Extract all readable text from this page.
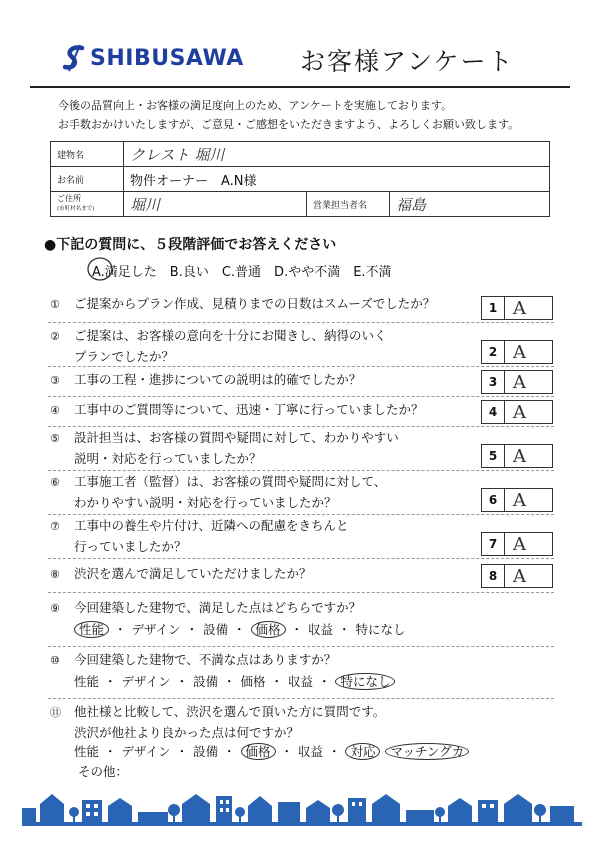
SHIBUSAWA お客様アンケート
今後の品質向上・お客様の満足度向上のため、アンケートを実施しております。
お手数おかけいたしますが、ご意見・ご感想をいただきますよう、よろしくお願い致します。
建物名	クレスト 堀川		
お名前	物件オーナー　A.N様		
ご住所
(市町村名まで)	堀川	営業担当者名	福島
●下記の質問に、５段階評価でお答えください
A.満足した　B.良い　C.普通　D.やや不満　E.不満
① ご提案からプラン作成、見積りまでの日数はスムーズでしたか？	1 A
② ご提案は、お客様の意向を十分にお聞きし、納得のいく
プランでしたか？	2 A
③ 工事の工程・進捗についての説明は的確でしたか？	3 A
④ 工事中のご質問等について、迅速・丁寧に行っていましたか？	4 A
⑤ 設計担当は、お客様の質問や疑問に対して、わかりやすい
説明・対応を行っていましたか？	5 A
⑥ 工事施工者（監督）は、お客様の質問や疑問に対して、
わかりやすい説明・対応を行っていましたか？	6 A
⑦ 工事中の養生や片付け、近隣への配慮をきちんと
行っていましたか？	7 A
⑧ 渋沢を選んで満足していただけましたか？	8 A
⑨ 今回建築した建物で、満足した点はどちらですか？
性能 ・ デザイン ・ 設備 ・ 価格 ・ 収益 ・ 特になし
⑩ 今回建築した建物で、不満な点はありますか？
性能 ・ デザイン ・ 設備 ・ 価格 ・ 収益 ・ 特になし
⑪ 他社様と比較して、渋沢を選んで頂いた方に質問です。
渋沢が他社より良かった点は何ですか？
性能 ・ デザイン ・ 設備 ・ 価格 ・ 収益 ・ 対応 マッチングカ
その他：
